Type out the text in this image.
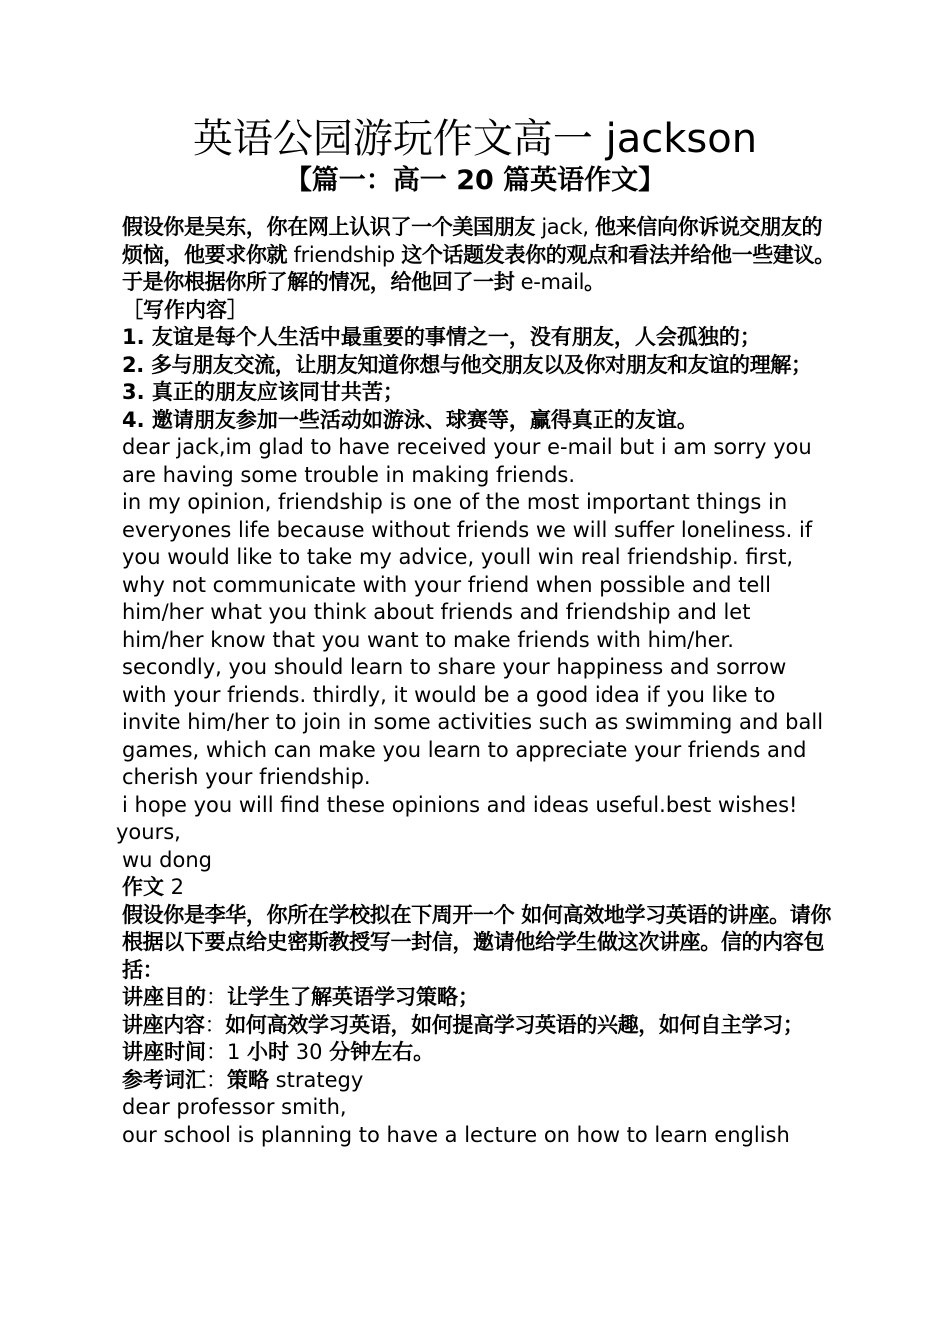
英语公园游玩作文高一 jackson
【篇一：高一 20 篇英语作文】

假设你是吴东，你在网上认识了一个美国朋友 jack, 他来信向你诉说交朋友的烦恼，他要求你就 friendship 这个话题发表你的观点和看法并给他一些建议。于是你根据你所了解的情况，给他回了一封 e-mail。

［写作内容］

1. 友谊是每个人生活中最重要的事情之一，没有朋友，人会孤独的；

2. 多与朋友交流，让朋友知道你想与他交朋友以及你对朋友和友谊的理解；

3. 真正的朋友应该同甘共苦；

4. 邀请朋友参加一些活动如游泳、球赛等，赢得真正的友谊。

dear jack,im glad to have received your e-mail but i am sorry you are having some trouble in making friends.

in my opinion, friendship is one of the most important things in everyones life because without friends we will suffer loneliness. if you would like to take my advice, youll win real friendship. first, why not communicate with your friend when possible and tell him/her what you think about friends and friendship and let him/her know that you want to make friends with him/her. secondly, you should learn to share your happiness and sorrow with your friends. thirdly, it would be a good idea if you like to invite him/her to join in some activities such as swimming and ball games, which can make you learn to appreciate your friends and cherish your friendship.

i hope you will find these opinions and ideas useful.best wishes!

yours,

wu dong

作文 2

假设你是李华，你所在学校拟在下周开一个 如何高效地学习英语的讲座。请你根据以下要点给史密斯教授写一封信，邀请他给学生做这次讲座。信的内容包括：

讲座目的：让学生了解英语学习策略；

讲座内容：如何高效学习英语，如何提高学习英语的兴趣，如何自主学习；

讲座时间：1 小时 30 分钟左右。

参考词汇：策略 strategy

dear professor smith,

our school is planning to have a lecture on how to learn english
